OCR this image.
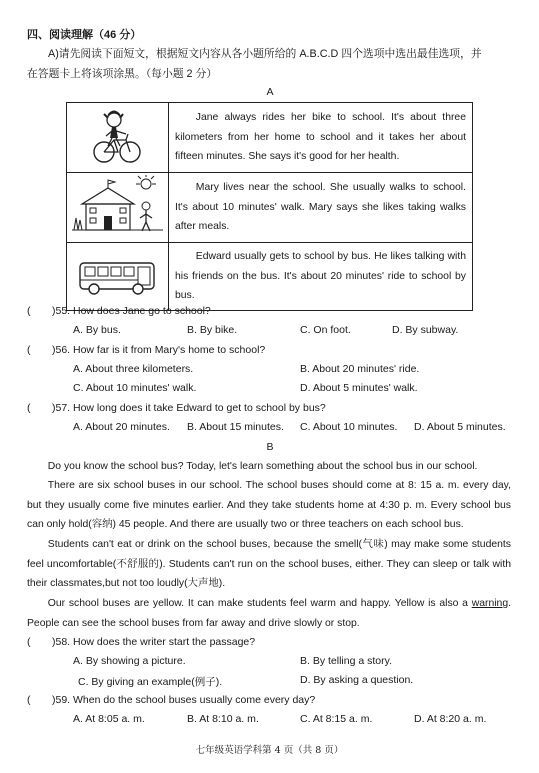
四、阅读理解（46 分）
A)请先阅读下面短文，根据短文内容从各小题所给的 A.B.C.D 四个选项中选出最佳选项，并
在答题卡上将该项涂黑。（每小题 2 分）
A
	Jane always rides her bike to school. It's about three kilometers from her home to school and it takes her about fifteen minutes. She says it's good for her health.
	Mary lives near the school. She usually walks to school. It's about 10 minutes' walk. Mary says she likes taking walks after meals.
	Edward usually gets to school by bus. He likes talking with his friends on the bus. It's about 20 minutes' ride to school by bus.
( )55. How does Jane go to school?
A. By bus.	B. By bike.	C. On foot.	D. By subway.
( )56. How far is it from Mary's home to school?
A. About three kilometers.	B. About 20 minutes' ride.
C. About 10 minutes' walk.	D. About 5 minutes' walk.
( )57. How long does it take Edward to get to school by bus?
A. About 20 minutes. B. About 15 minutes. C. About 10 minutes. D. About 5 minutes.
B
Do you know the school bus? Today, let's learn something about the school bus in our school.
There are six school buses in our school. The school buses should come at 8: 15 a. m. every day, but they usually come five minutes earlier. And they take students home at 4:30 p. m. Every school bus can only hold(容纳) 45 people. And there are usually two or three teachers on each school bus.
Students can't eat or drink on the school buses, because the smell(气味) may make some students feel uncomfortable(不舒服的). Students can't run on the school buses, either. They can sleep or talk with their classmates,but not too loudly(大声地).
Our school buses are yellow. It can make students feel warm and happy. Yellow is also a warning. People can see the school buses from far away and drive slowly or stop.
( )58. How does the writer start the passage?
A. By showing a picture.	B. By telling a story.
C. By giving an example(例子).	D. By asking a question.
( )59. When do the school buses usually come every day?
A. At 8:05 a. m.	B. At 8:10 a. m.	C. At 8:15 a. m.	D. At 8:20 a. m.
七年级英语学科第 4 页（共 8 页）
